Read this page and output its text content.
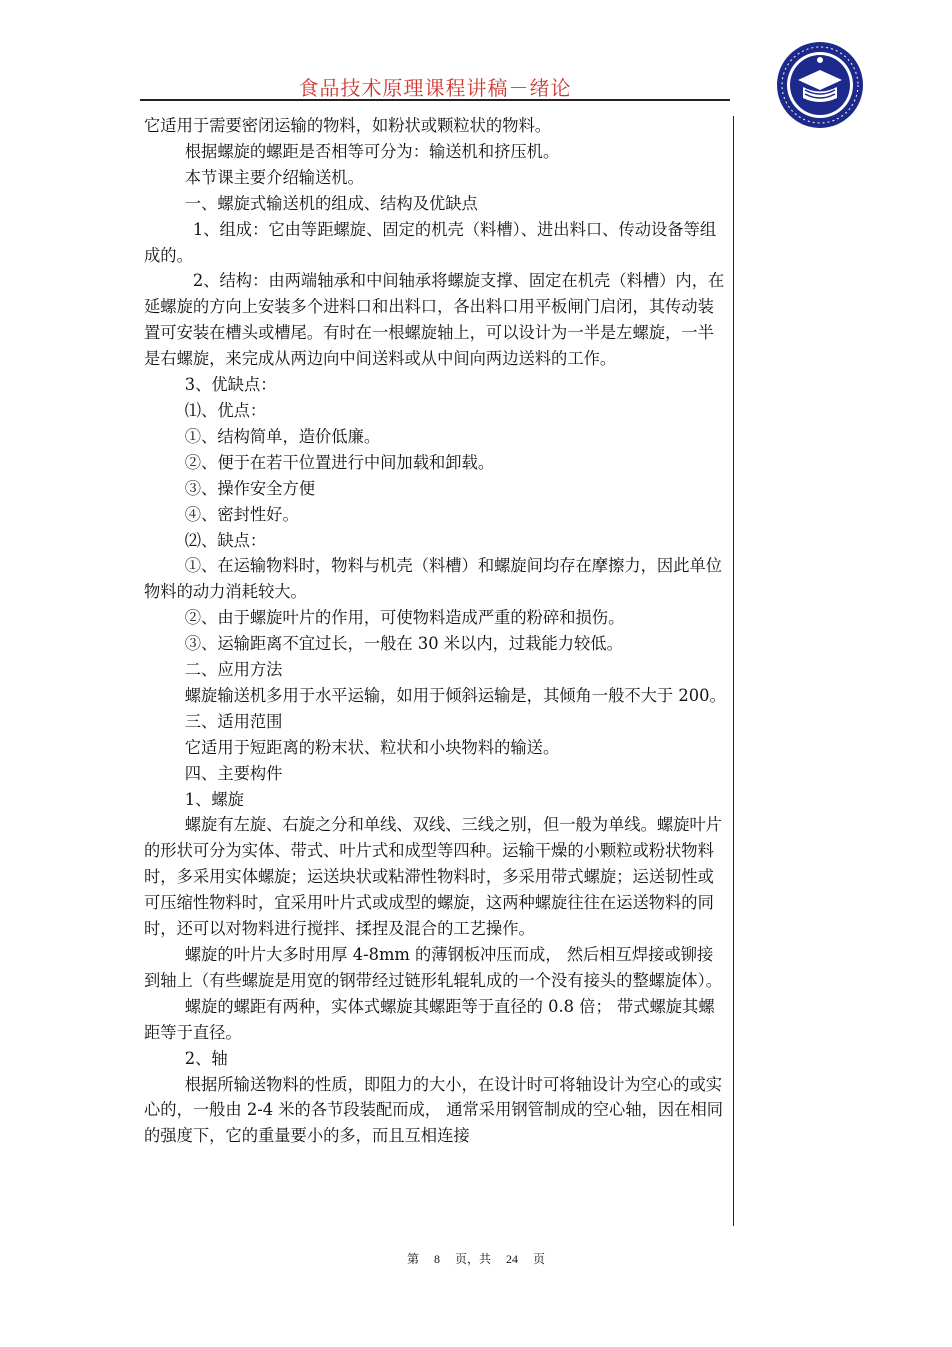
食品技术原理课程讲稿－绪论

它适用于需要密闭运输的物料，如粉状或颗粒状的物料。

根据螺旋的螺距是否相等可分为：输送机和挤压机。

本节课主要介绍输送机。

一、螺旋式输送机的组成、结构及优缺点

1、组成：它由等距螺旋、固定的机壳（料槽）、进出料口、传动设备等组成的。

2、结构：由两端轴承和中间轴承将螺旋支撑、固定在机壳（料槽）内，在延螺旋的方向上安装多个进料口和出料口，各出料口用平板闸门启闭，其传动装置可安装在槽头或槽尾。有时在一根螺旋轴上，可以设计为一半是左螺旋，一半是右螺旋，来完成从两边向中间送料或从中间向两边送料的工作。

3、优缺点：

⑴、优点：

①、结构简单，造价低廉。

②、便于在若干位置进行中间加载和卸载。

③、操作安全方便

④、密封性好。

⑵、缺点：

①、在运输物料时，物料与机壳（料槽）和螺旋间均存在摩擦力，因此单位物料的动力消耗较大。

②、由于螺旋叶片的作用，可使物料造成严重的粉碎和损伤。

③、运输距离不宜过长，一般在 30 米以内，过栽能力较低。

二、应用方法

螺旋输送机多用于水平运输，如用于倾斜运输是，其倾角一般不大于 200。

三、适用范围

它适用于短距离的粉末状、粒状和小块物料的输送。

四、主要构件

1、螺旋

螺旋有左旋、右旋之分和单线、双线、三线之别，但一般为单线。螺旋叶片的形状可分为实体、带式、叶片式和成型等四种。运输干燥的小颗粒或粉状物料时，多采用实体螺旋；运送块状或粘滞性物料时，多采用带式螺旋；运送韧性或可压缩性物料时，宜采用叶片式或成型的螺旋，这两种螺旋往往在运送物料的同时，还可以对物料进行搅拌、揉捏及混合的工艺操作。

螺旋的叶片大多时用厚 4-8mm 的薄钢板冲压而成， 然后相互焊接或铆接到轴上（有些螺旋是用宽的钢带经过链形轧辊轧成的一个没有接头的整螺旋体）。

螺旋的螺距有两种，实体式螺旋其螺距等于直径的 0.8 倍； 带式螺旋其螺距等于直径。

2、轴

根据所输送物料的性质，即阻力的大小，在设计时可将轴设计为空心的或实心的，一般由 2-4 米的各节段装配而成， 通常采用钢管制成的空心轴，因在相同的强度下，它的重量要小的多，而且互相连接

第 8 页，共 24 页
